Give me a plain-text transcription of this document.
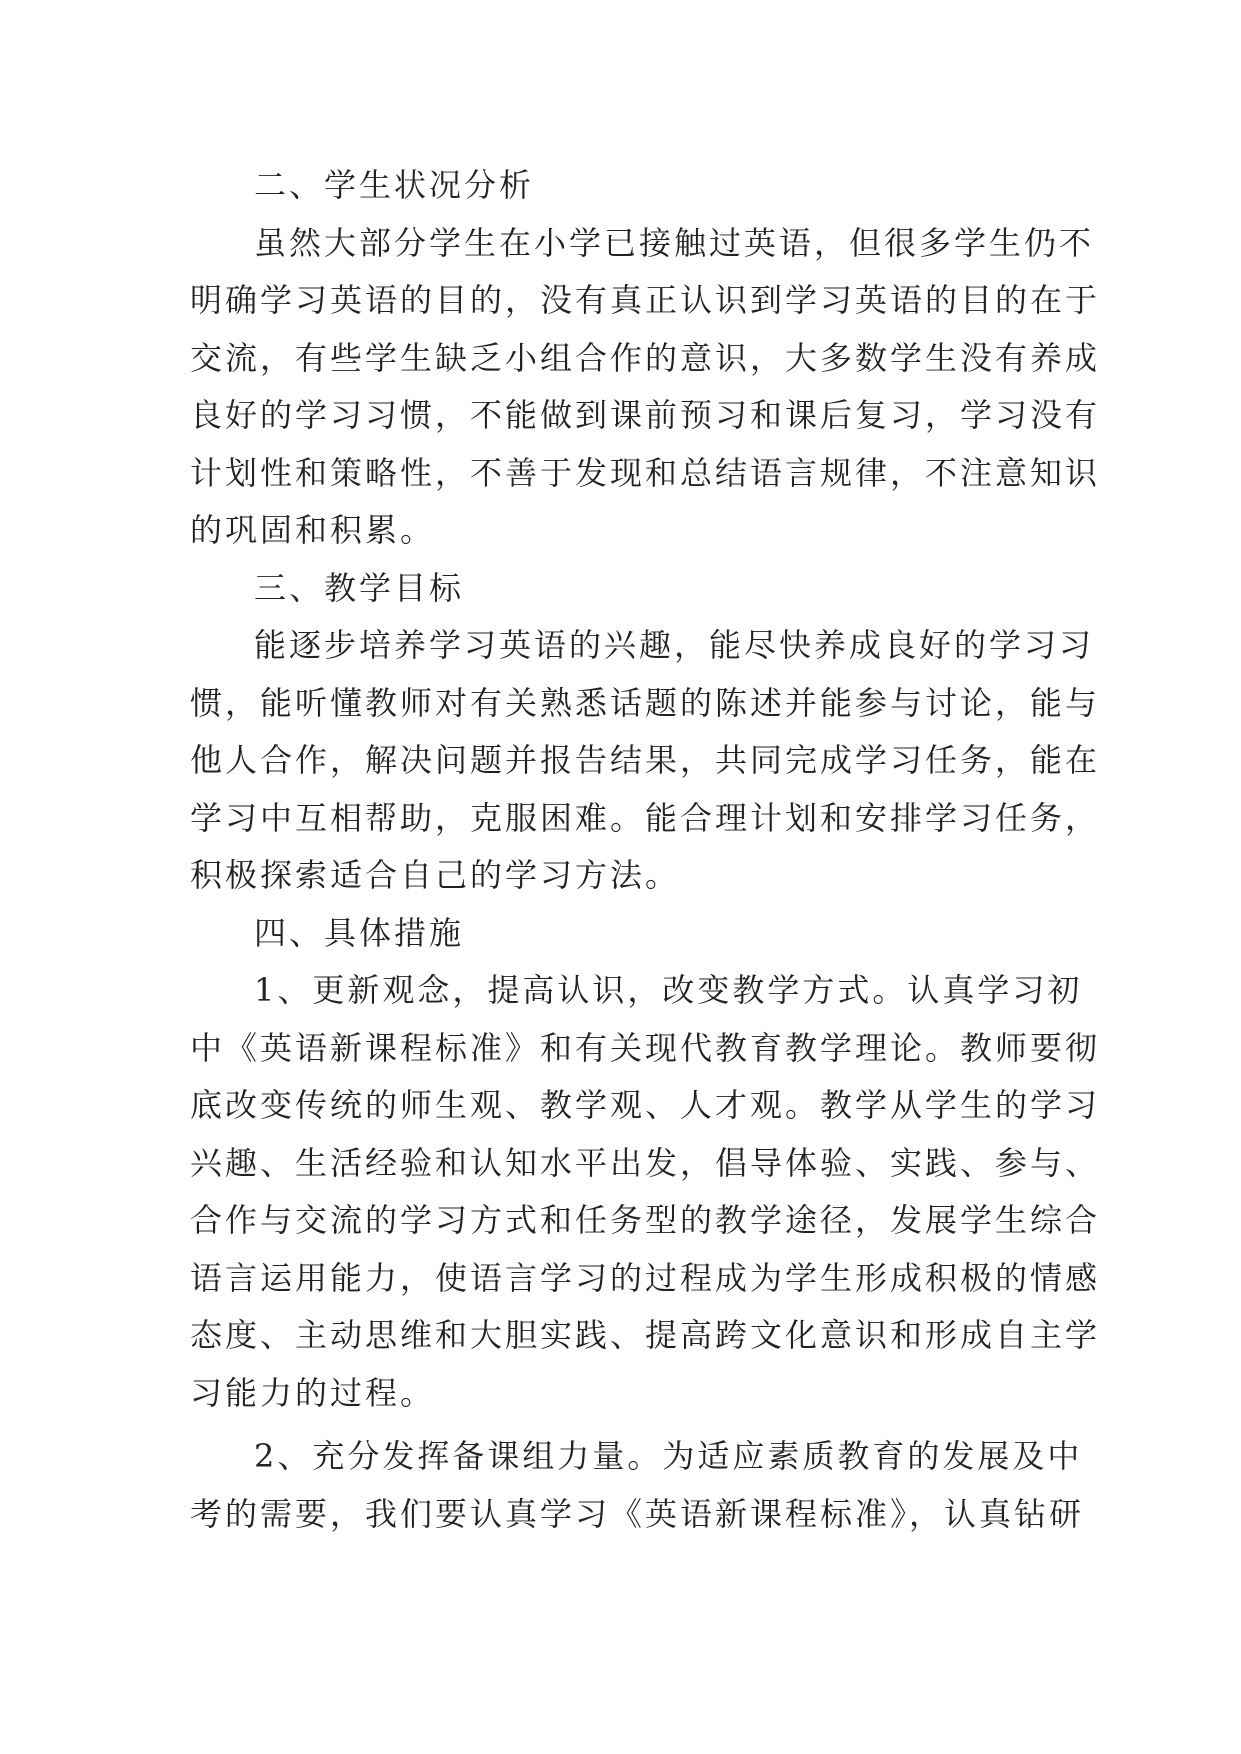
二、学生状况分析
虽然大部分学生在小学已接触过英语，但很多学生仍不
明确学习英语的目的，没有真正认识到学习英语的目的在于
交流，有些学生缺乏小组合作的意识，大多数学生没有养成
良好的学习习惯，不能做到课前预习和课后复习，学习没有
计划性和策略性，不善于发现和总结语言规律，不注意知识
的巩固和积累。
三、教学目标
能逐步培养学习英语的兴趣，能尽快养成良好的学习习
惯，能听懂教师对有关熟悉话题的陈述并能参与讨论，能与
他人合作，解决问题并报告结果，共同完成学习任务，能在
学习中互相帮助，克服困难。能合理计划和安排学习任务，
积极探索适合自己的学习方法。
四、具体措施
1、更新观念，提高认识，改变教学方式。认真学习初
中《英语新课程标准》和有关现代教育教学理论。教师要彻
底改变传统的师生观、教学观、人才观。教学从学生的学习
兴趣、生活经验和认知水平出发，倡导体验、实践、参与、
合作与交流的学习方式和任务型的教学途径，发展学生综合
语言运用能力，使语言学习的过程成为学生形成积极的情感
态度、主动思维和大胆实践、提高跨文化意识和形成自主学
习能力的过程。
2、充分发挥备课组力量。为适应素质教育的发展及中
考的需要，我们要认真学习《英语新课程标准》，认真钻研
